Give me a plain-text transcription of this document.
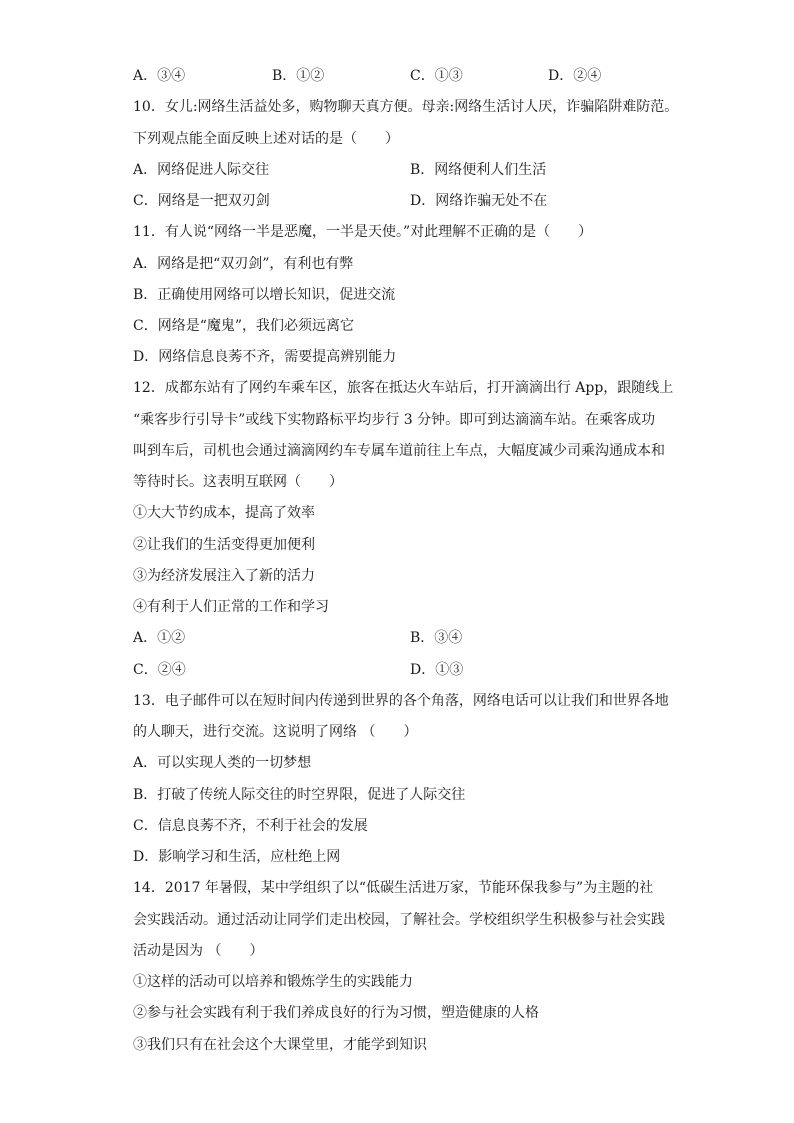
A．③④	B．①②	C．①③	D．②④
10．女儿:网络生活益处多，购物聊天真方便。母亲:网络生活讨人厌，诈骗陷阱难防范。
下列观点能全面反映上述对话的是（　　）
A．网络促进人际交往	B．网络便利人们生活
C．网络是一把双刃剑	D．网络诈骗无处不在
11．有人说“网络一半是恶魔，一半是天使。”对此理解不正确的是（　　）
A．网络是把“双刃剑”，有利也有弊
B．正确使用网络可以增长知识，促进交流
C．网络是“魔鬼”，我们必须远离它
D．网络信息良莠不齐，需要提高辨别能力
12．成都东站有了网约车乘车区，旅客在抵达火车站后，打开滴滴出行 App，跟随线上
“乘客步行引导卡”或线下实物路标平均步行 3 分钟。即可到达滴滴车站。在乘客成功
叫到车后，司机也会通过滴滴网约车专属车道前往上车点，大幅度减少司乘沟通成本和
等待时长。这表明互联网（　　）
①大大节约成本，提高了效率
②让我们的生活变得更加便利
③为经济发展注入了新的活力
④有利于人们正常的工作和学习
A．①②	B．③④
C．②④	D．①③
13．电子邮件可以在短时间内传递到世界的各个角落，网络电话可以让我们和世界各地
的人聊天，进行交流。这说明了网络 （　　）
A．可以实现人类的一切梦想
B．打破了传统人际交往的时空界限，促进了人际交往
C．信息良莠不齐，不利于社会的发展
D．影响学习和生活，应杜绝上网
14．2017 年暑假，某中学组织了以“低碳生活进万家，节能环保我参与”为主题的社
会实践活动。通过活动让同学们走出校园，了解社会。学校组织学生积极参与社会实践
活动是因为 （　　）
①这样的活动可以培养和锻炼学生的实践能力
②参与社会实践有利于我们养成良好的行为习惯，塑造健康的人格
③我们只有在社会这个大课堂里，才能学到知识
